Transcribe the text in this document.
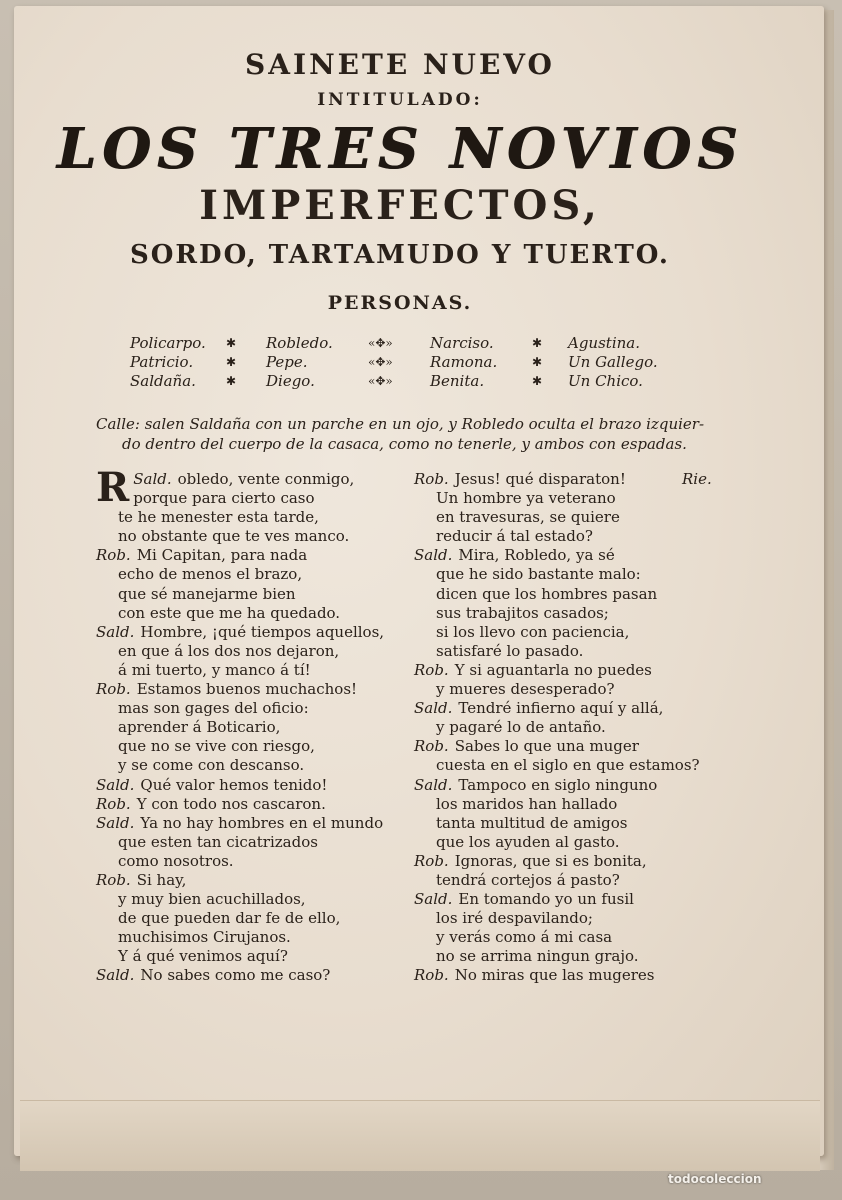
SAINETE NUEVO
INTITULADO:
LOS TRES NOVIOS
IMPERFECTOS,
SORDO, TARTAMUDO Y TUERTO.
PERSONAS.
Policarpo.
Patricio.
Saldaña.
✱
✱
✱
Robledo.
Pepe.
Diego.
«✥»
«✥»
«✥»
Narciso.
Ramona.
Benita.
✱
✱
✱
Agustina.
Un Gallego.
Un Chico.
Calle: salen Saldaña con un parche en un ojo, y Robledo oculta el brazo izquier-
do dentro del cuerpo de la casaca, como no tenerle, y ambos con espadas.
Sald.
R	obledo, vente conmigo,
porque para cierto caso
te he menester esta tarde,
no obstante que te ves manco.
Rob. Mi Capitan, para nada
echo de menos el brazo,
que sé manejarme bien
con este que me ha quedado.
Sald. Hombre, ¡qué tiempos aquellos,
en que á los dos nos dejaron,
á mi tuerto, y manco á tí!
Rob. Estamos buenos muchachos!
mas son gages del oficio:
aprender á Boticario,
que no se vive con riesgo,
y se come con descanso.
Sald. Qué valor hemos tenido!
Rob. Y con todo nos cascaron.
Sald. Ya no hay hombres en el mundo
que esten tan cicatrizados
como nosotros.
Rob. Si hay,
y muy bien acuchillados,
de que pueden dar fe de ello,
muchisimos Cirujanos.
Y á qué venimos aquí?
Sald. No sabes como me caso?
Rob. Jesus! qué disparaton!
Un hombre ya veterano
en travesuras, se quiere
reducir á tal estado?
Sald. Mira, Robledo, ya sé
que he sido bastante malo:
dicen que los hombres pasan
sus trabajitos casados;
si los llevo con paciencia,
satisfaré lo pasado.
Rob. Y si aguantarla no puedes
y mueres desesperado?
Sald. Tendré infierno aquí y allá,
y pagaré lo de antaño.
Rob. Sabes lo que una muger
cuesta en el siglo en que estamos?
Sald. Tampoco en siglo ninguno
los maridos han hallado
tanta multitud de amigos
que los ayuden al gasto.
Rob. Ignoras, que si es bonita,
tendrá cortejos á pasto?
Sald. En tomando yo un fusil
los iré despavilando;
y verás como á mi casa
no se arrima ningun grajo.
Rob. No miras que las mugeres
Rie.
todocoleccion
